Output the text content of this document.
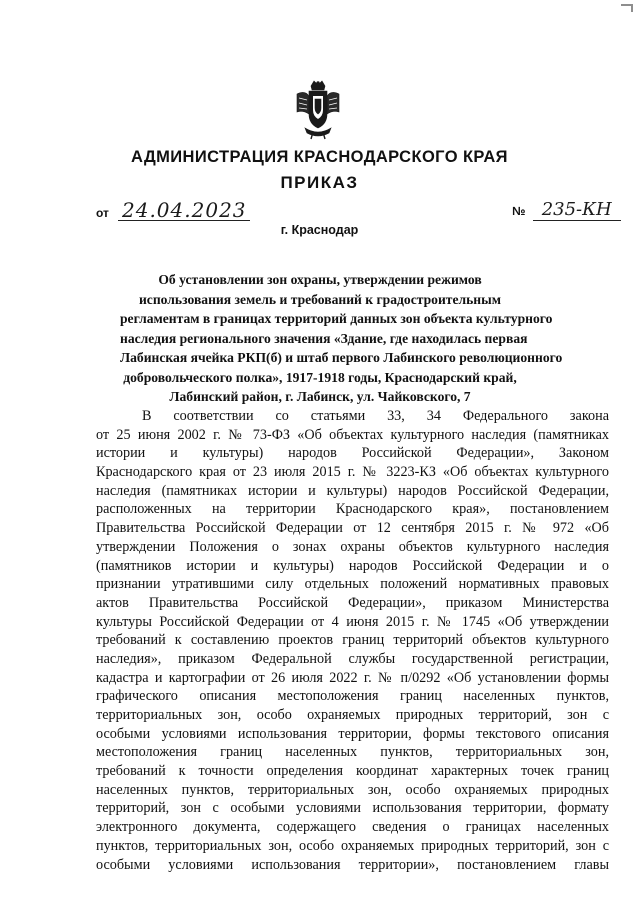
АДМИНИСТРАЦИЯ КРАСНОДАРСКОГО КРАЯ
ПРИКАЗ
от 24.04.2023	№ 235-КН
г. Краснодар
Об установлении зон охраны, утверждении режимов
использования земель и требований к градостроительным
регламентам в границах территорий данных зон объекта культурного
наследия регионального значения «Здание, где находилась первая
Лабинская ячейка РКП(б) и штаб первого Лабинского революционного
добровольческого полка», 1917-1918 годы, Краснодарский край,
Лабинский район, г. Лабинск, ул. Чайковского, 7
В соответствии со статьями 33, 34 Федерального закона
от 25 июня 2002 г. № 73-ФЗ «Об объектах культурного наследия (памятниках
истории и культуры) народов Российской Федерации», Законом
Краснодарского края от 23 июля 2015 г. № 3223-КЗ «Об объектах культурного
наследия (памятниках истории и культуры) народов Российской Федерации,
расположенных на территории Краснодарского края», постановлением
Правительства Российской Федерации от 12 сентября 2015 г. № 972 «Об
утверждении Положения о зонах охраны объектов культурного наследия
(памятников истории и культуры) народов Российской Федерации и о
признании утратившими силу отдельных положений нормативных правовых
актов Правительства Российской Федерации», приказом Министерства
культуры Российской Федерации от 4 июня 2015 г. № 1745 «Об утверждении
требований к составлению проектов границ территорий объектов культурного
наследия», приказом Федеральной службы государственной регистрации,
кадастра и картографии от 26 июля 2022 г. № п/0292 «Об установлении формы
графического описания местоположения границ населенных пунктов,
территориальных зон, особо охраняемых природных территорий, зон с
особыми условиями использования территории, формы текстового описания
местоположения границ населенных пунктов, территориальных зон,
требований к точности определения координат характерных точек границ
населенных пунктов, территориальных зон, особо охраняемых природных
территорий, зон с особыми условиями использования территории, формату
электронного документа, содержащего сведения о границах населенных
пунктов, территориальных зон, особо охраняемых природных территорий, зон с
особыми условиями использования территории», постановлением главы
